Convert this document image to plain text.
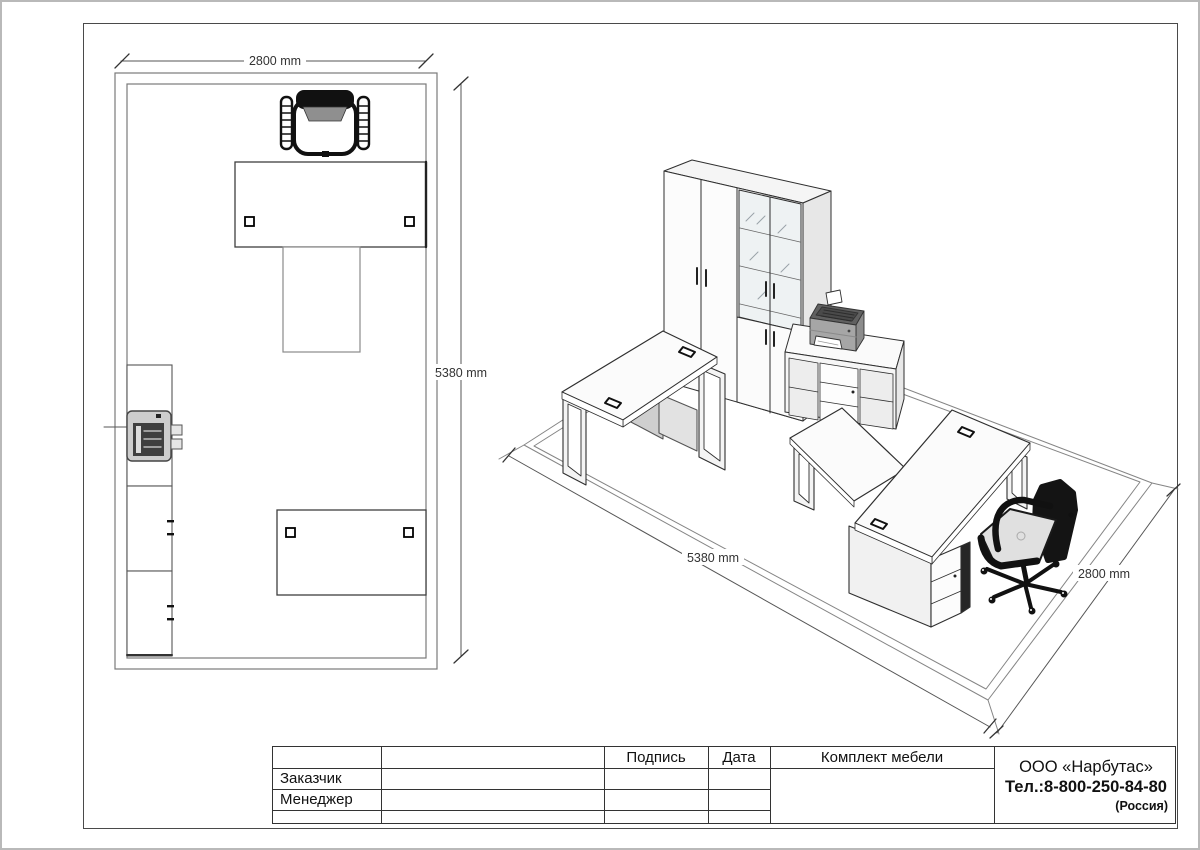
2800 mm
5380 mm
5380 mm
2800 mm
Подпись Дата	Комплект мебели
Заказчик
Менеджер
ООО «Нарбутас»
Тел.:8-800-250-84-80
(Россия)
